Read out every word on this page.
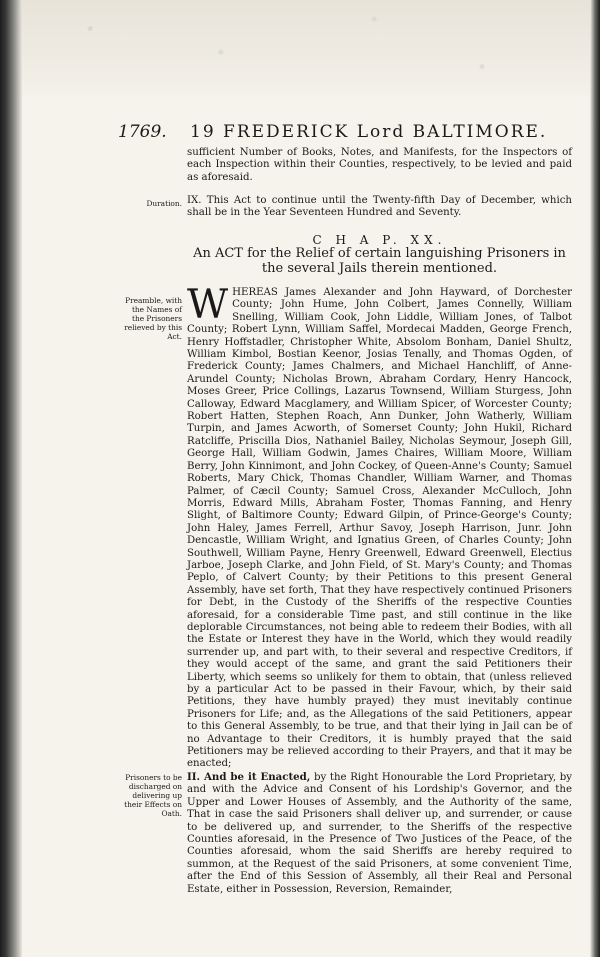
1769. 19 FREDERICK Lord BALTIMORE.

sufficient Number of Books, Notes, and Manifests, for the Inspectors of each Inspection within their Counties, respectively, to be levied and paid as aforesaid.

Duration. IX. This Act to continue until the Twenty-fifth Day of December, which shall be in the Year Seventeen Hundred and Seventy.

C H A P. XX.
An ACT for the Relief of certain languishing Prisoners in the several Jails therein mentioned.
Preamble, with the Names of the Prisoners relieved by this Act.

W HEREAS James Alexander and John Hayward, of Dorchester County; John Hume, John Colbert, James Connelly, William Snelling, William Cook, John Liddle, William Jones, of Talbot County; Robert Lynn, William Saffel, Mordecai Madden, George French, Henry Hoffstadler, Christopher White, Absolom Bonham, Daniel Shultz, William Kimbol, Bostian Keenor, Josias Tenally, and Thomas Ogden, of Frederick County; James Chalmers, and Michael Hanchliff, of Anne-Arundel County; Nicholas Brown, Abraham Cordary, Henry Hancock, Moses Greer, Price Collings, Lazarus Townsend, William Sturgess, John Calloway, Edward Macglamery, and William Spicer, of Worcester County; Robert Hatten, Stephen Roach, Ann Dunker, John Watherly, William Turpin, and James Acworth, of Somerset County; John Hukil, Richard Ratcliffe, Priscilla Dios, Nathaniel Bailey, Nicholas Seymour, Joseph Gill, George Hall, William Godwin, James Chaires, William Moore, William Berry, John Kinnimont, and John Cockey, of Queen-Anne's County; Samuel Roberts, Mary Chick, Thomas Chandler, William Warner, and Thomas Palmer, of Cæcil County; Samuel Cross, Alexander McCulloch, John Morris, Edward Mills, Abraham Foster, Thomas Fanning, and Henry Slight, of Baltimore County; Edward Gilpin, of Prince-George's County; John Haley, James Ferrell, Arthur Savoy, Joseph Harrison, Junr. John Dencastle, William Wright, and Ignatius Green, of Charles County; John Southwell, William Payne, Henry Greenwell, Edward Greenwell, Electius Jarboe, Joseph Clarke, and John Field, of St. Mary's County; and Thomas Peplo, of Calvert County; by their Petitions to this present General Assembly, have set forth, That they have respectively continued Prisoners for Debt, in the Custody of the Sheriffs of the respective Counties aforesaid, for a considerable Time past, and still continue in the like deplorable Circumstances, not being able to redeem their Bodies, with all the Estate or Interest they have in the World, which they would readily surrender up, and part with, to their several and respective Creditors, if they would accept of the same, and grant the said Petitioners their Liberty, which seems so unlikely for them to obtain, that (unless relieved by a particular Act to be passed in their Favour, which, by their said Petitions, they have humbly prayed) they must inevitably continue Prisoners for Life; and, as the Allegations of the said Petitioners, appear to this General Assembly, to be true, and that their lying in Jail can be of no Advantage to their Creditors, it is humbly prayed that the said Petitioners may be relieved according to their Prayers, and that it may be enacted;

Prisoners to be discharged on delivering up their Effects on Oath.

II. And be it Enacted, by the Right Honourable the Lord Proprietary, by and with the Advice and Consent of his Lordship's Governor, and the Upper and Lower Houses of Assembly, and the Authority of the same, That in case the said Prisoners shall deliver up, and surrender, or cause to be delivered up, and surrender, to the Sheriffs of the respective Counties aforesaid, in the Presence of Two Justices of the Peace, of the Counties aforesaid, whom the said Sheriffs are hereby required to summon, at the Request of the said Prisoners, at some convenient Time, after the End of this Session of Assembly, all their Real and Personal Estate, either in Possession, Reversion, Remainder,
